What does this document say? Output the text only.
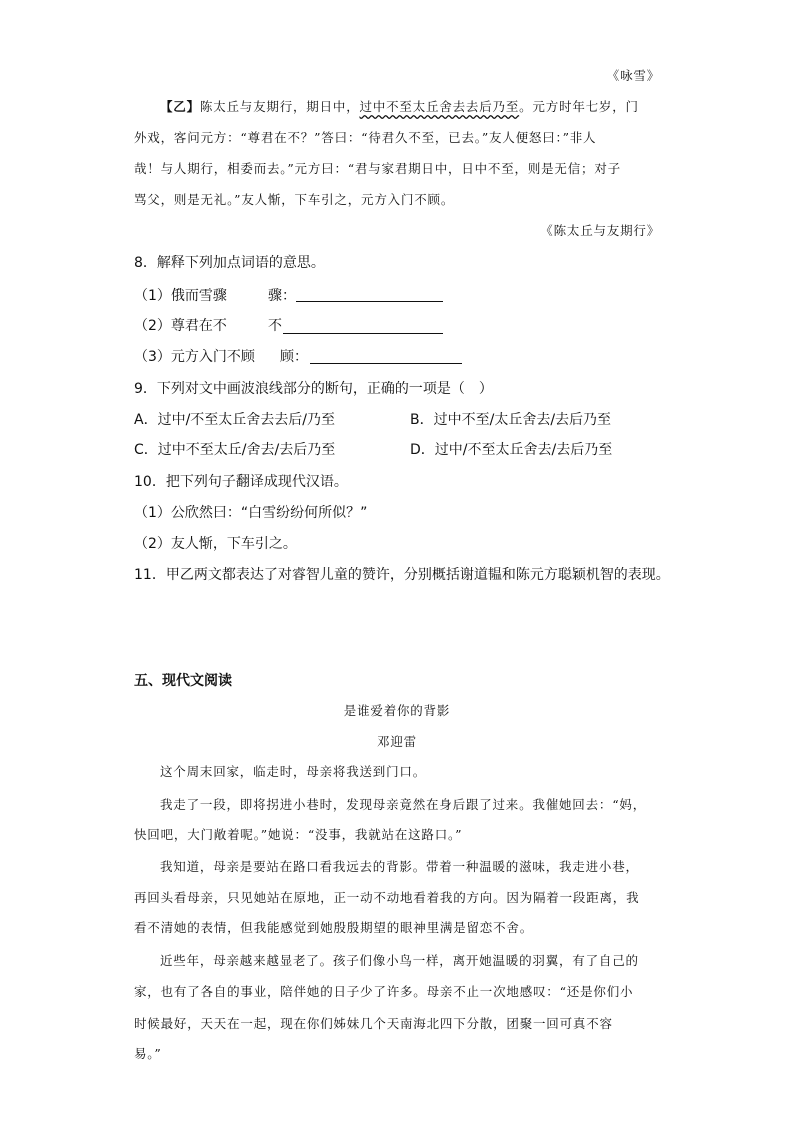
《咏雪》
【乙】陈太丘与友期行，期日中，过中不至太丘舍去去后乃至。元方时年七岁，门
外戏，客问元方：“尊君在不？”答曰：“待君久不至，已去。”友人便怒曰：”非人
哉！与人期行，相委而去。”元方曰：“君与家君期日中，日中不至，则是无信；对子
骂父，则是无礼。”友人惭，下车引之，元方入门不顾。
《陈太丘与友期行》
8．解释下列加点词语的意思。
（1）俄而雪骤	骤：
（2）尊君在不	不
（3）元方入门不顾 顾：
9．下列对文中画波浪线部分的断句，正确的一项是（　）
A．过中/不至太丘舍去去后/乃至	B．过中不至/太丘舍去/去后乃至
C．过中不至太丘/舍去/去后乃至	D．过中/不至太丘舍去/去后乃至
10．把下列句子翻译成现代汉语。
（1）公欣然曰：“白雪纷纷何所似？”
（2）友人惭，下车引之。
11．甲乙两文都表达了对睿智儿童的赞许，分别概括谢道韫和陈元方聪颖机智的表现。
五、现代文阅读
是谁爱着你的背影
邓迎雷
这个周末回家，临走时，母亲将我送到门口。
我走了一段，即将拐进小巷时，发现母亲竟然在身后跟了过来。我催她回去：“妈，
快回吧，大门敞着呢。”她说：“没事，我就站在这路口。”
我知道，母亲是要站在路口看我远去的背影。带着一种温暖的滋味，我走进小巷，
再回头看母亲，只见她站在原地，正一动不动地看着我的方向。因为隔着一段距离，我
看不清她的表情，但我能感觉到她殷殷期望的眼神里满是留恋不舍。
近些年，母亲越来越显老了。孩子们像小鸟一样，离开她温暖的羽翼，有了自己的
家，也有了各自的事业，陪伴她的日子少了许多。母亲不止一次地感叹：“还是你们小
时候最好，天天在一起，现在你们姊妹几个天南海北四下分散，团聚一回可真不容
易。”
